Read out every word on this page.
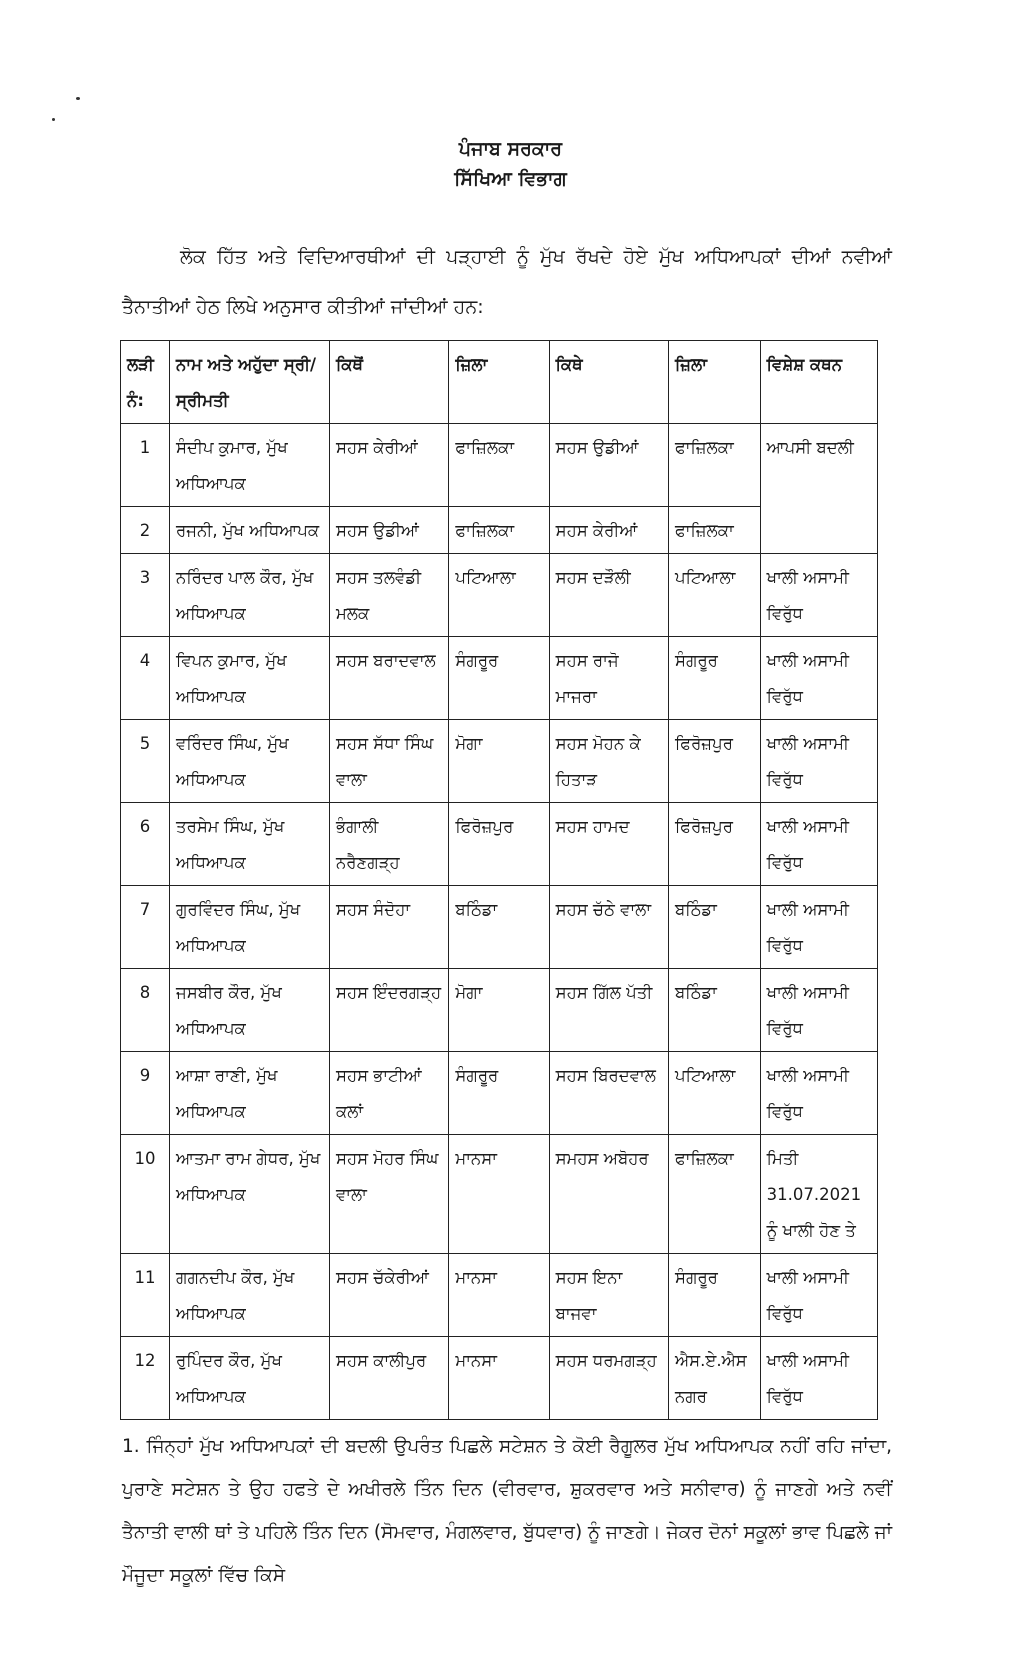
ਪੰਜਾਬ ਸਰਕਾਰ
ਸਿੱਖਿਆ ਵਿਭਾਗ
ਲੋਕ ਹਿੱਤ ਅਤੇ ਵਿਦਿਆਰਥੀਆਂ ਦੀ ਪੜ੍ਹਾਈ ਨੂੰ ਮੁੱਖ ਰੱਖਦੇ ਹੋਏ ਮੁੱਖ ਅਧਿਆਪਕਾਂ ਦੀਆਂ ਨਵੀਆਂ ਤੈਨਾਤੀਆਂ ਹੇਠ ਲਿਖੇ ਅਨੁਸਾਰ ਕੀਤੀਆਂ ਜਾਂਦੀਆਂ ਹਨ:
ਲੜੀ ਨੰ:	ਨਾਮ ਅਤੇ ਅਹੁੱਦਾ ਸ੍ਰੀ/ਸ੍ਰੀਮਤੀ	ਕਿਥੋਂ	ਜ਼ਿਲਾ	ਕਿਥੇ	ਜ਼ਿਲਾ	ਵਿਸ਼ੇਸ਼ ਕਥਨ
1	ਸੰਦੀਪ ਕੁਮਾਰ, ਮੁੱਖ ਅਧਿਆਪਕ	ਸਹਸ ਕੇਰੀਆਂ	ਫਾਜ਼ਿਲਕਾ	ਸਹਸ ਉਡੀਆਂ	ਫਾਜ਼ਿਲਕਾ	ਆਪਸੀ ਬਦਲੀ
2	ਰਜਨੀ, ਮੁੱਖ ਅਧਿਆਪਕ	ਸਹਸ ਉਡੀਆਂ	ਫਾਜ਼ਿਲਕਾ	ਸਹਸ ਕੇਰੀਆਂ	ਫਾਜ਼ਿਲਕਾ	
3	ਨਰਿੰਦਰ ਪਾਲ ਕੌਰ, ਮੁੱਖ ਅਧਿਆਪਕ	ਸਹਸ ਤਲਵੰਡੀ ਮਲਕ	ਪਟਿਆਲਾ	ਸਹਸ ਦੜੌਲੀ	ਪਟਿਆਲਾ	ਖਾਲੀ ਅਸਾਮੀ ਵਿਰੁੱਧ
4	ਵਿਪਨ ਕੁਮਾਰ, ਮੁੱਖ ਅਧਿਆਪਕ	ਸਹਸ ਬਰਾਦਵਾਲ	ਸੰਗਰੂਰ	ਸਹਸ ਰਾਜੋ ਮਾਜਰਾ	ਸੰਗਰੂਰ	ਖਾਲੀ ਅਸਾਮੀ ਵਿਰੁੱਧ
5	ਵਰਿੰਦਰ ਸਿੰਘ, ਮੁੱਖ ਅਧਿਆਪਕ	ਸਹਸ ਸੱਧਾ ਸਿੰਘ ਵਾਲਾ	ਮੋਗਾ	ਸਹਸ ਮੋਹਨ ਕੇ ਹਿਤਾੜ	ਫਿਰੋਜ਼ਪੁਰ	ਖਾਲੀ ਅਸਾਮੀ ਵਿਰੁੱਧ
6	ਤਰਸੇਮ ਸਿੰਘ, ਮੁੱਖ ਅਧਿਆਪਕ	ਭੰਗਾਲੀ ਨਰੈਣਗੜ੍ਹ	ਫਿਰੋਜ਼ਪੁਰ	ਸਹਸ ਹਾਮਦ	ਫਿਰੋਜ਼ਪੁਰ	ਖਾਲੀ ਅਸਾਮੀ ਵਿਰੁੱਧ
7	ਗੁਰਵਿੰਦਰ ਸਿੰਘ, ਮੁੱਖ ਅਧਿਆਪਕ	ਸਹਸ ਸੰਦੋਹਾ	ਬਠਿੰਡਾ	ਸਹਸ ਚੱਠੇ ਵਾਲਾ	ਬਠਿੰਡਾ	ਖਾਲੀ ਅਸਾਮੀ ਵਿਰੁੱਧ
8	ਜਸਬੀਰ ਕੌਰ, ਮੁੱਖ ਅਧਿਆਪਕ	ਸਹਸ ਇੰਦਰਗੜ੍ਹ	ਮੋਗਾ	ਸਹਸ ਗਿੱਲ ਪੱਤੀ	ਬਠਿੰਡਾ	ਖਾਲੀ ਅਸਾਮੀ ਵਿਰੁੱਧ
9	ਆਸ਼ਾ ਰਾਣੀ, ਮੁੱਖ ਅਧਿਆਪਕ	ਸਹਸ ਭਾਟੀਆਂ ਕਲਾਂ	ਸੰਗਰੂਰ	ਸਹਸ ਬਿਰਦਵਾਲ	ਪਟਿਆਲਾ	ਖਾਲੀ ਅਸਾਮੀ ਵਿਰੁੱਧ
10	ਆਤਮਾ ਰਾਮ ਗੇਧਰ, ਮੁੱਖ ਅਧਿਆਪਕ	ਸਹਸ ਮੋਹਰ ਸਿੰਘ ਵਾਲਾ	ਮਾਨਸਾ	ਸਮਹਸ ਅਬੋਹਰ	ਫਾਜ਼ਿਲਕਾ	ਮਿਤੀ 31.07.2021 ਨੂੰ ਖਾਲੀ ਹੋਣ ਤੇ
11	ਗਗਨਦੀਪ ਕੌਰ, ਮੁੱਖ ਅਧਿਆਪਕ	ਸਹਸ ਚੱਕੇਰੀਆਂ	ਮਾਨਸਾ	ਸਹਸ ਇਨਾ ਬਾਜਵਾ	ਸੰਗਰੂਰ	ਖਾਲੀ ਅਸਾਮੀ ਵਿਰੁੱਧ
12	ਰੁਪਿੰਦਰ ਕੌਰ, ਮੁੱਖ ਅਧਿਆਪਕ	ਸਹਸ ਕਾਲੀਪੁਰ	ਮਾਨਸਾ	ਸਹਸ ਧਰਮਗੜ੍ਹ	ਐਸ.ਏ.ਐਸ ਨਗਰ	ਖਾਲੀ ਅਸਾਮੀ ਵਿਰੁੱਧ
1. ਜਿੰਨ੍ਹਾਂ ਮੁੱਖ ਅਧਿਆਪਕਾਂ ਦੀ ਬਦਲੀ ਉਪਰੰਤ ਪਿਛਲੇ ਸਟੇਸ਼ਨ ਤੇ ਕੋਈ ਰੈਗੂਲਰ ਮੁੱਖ ਅਧਿਆਪਕ ਨਹੀਂ ਰਹਿ ਜਾਂਦਾ, ਪੁਰਾਣੇ ਸਟੇਸ਼ਨ ਤੇ ਉਹ ਹਫਤੇ ਦੇ ਅਖੀਰਲੇ ਤਿੰਨ ਦਿਨ (ਵੀਰਵਾਰ, ਸ਼ੁਕਰਵਾਰ ਅਤੇ ਸਨੀਵਾਰ) ਨੂੰ ਜਾਣਗੇ ਅਤੇ ਨਵੀਂ ਤੈਨਾਤੀ ਵਾਲੀ ਥਾਂ ਤੇ ਪਹਿਲੇ ਤਿੰਨ ਦਿਨ (ਸੋਮਵਾਰ, ਮੰਗਲਵਾਰ, ਬੁੱਧਵਾਰ) ਨੂੰ ਜਾਣਗੇ। ਜੇਕਰ ਦੋਨਾਂ ਸਕੂਲਾਂ ਭਾਵ ਪਿਛਲੇ ਜਾਂ ਮੌਜੂਦਾ ਸਕੂਲਾਂ ਵਿੱਚ ਕਿਸੇ
